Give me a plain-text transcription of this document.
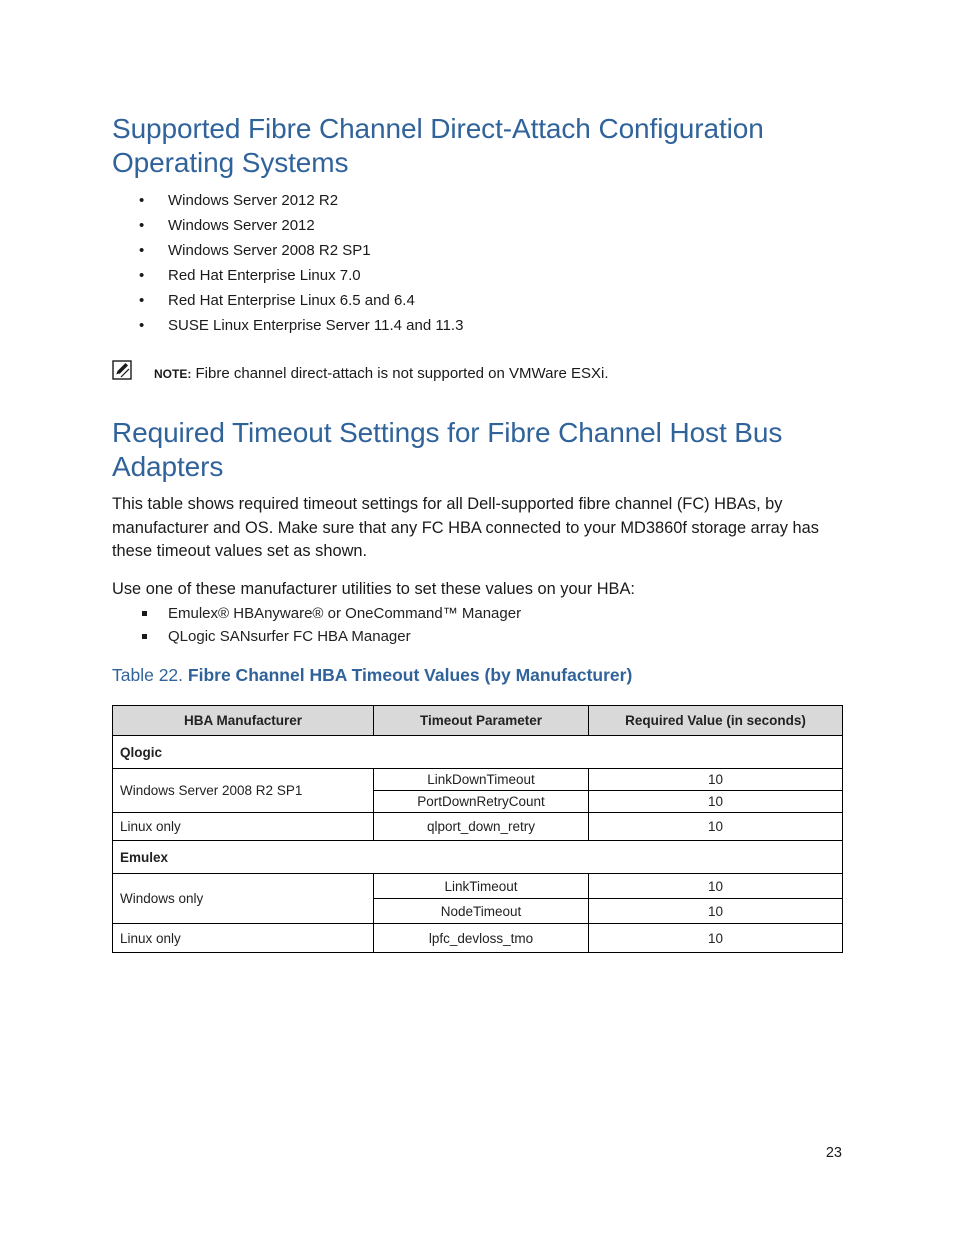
Supported Fibre Channel Direct-Attach Configuration Operating Systems
• Windows Server 2012 R2
• Windows Server 2012
• Windows Server 2008 R2 SP1
• Red Hat Enterprise Linux 7.0
• Red Hat Enterprise Linux 6.5 and 6.4
• SUSE Linux Enterprise Server 11.4 and 11.3
NOTE: Fibre channel direct-attach is not supported on VMWare ESXi.
Required Timeout Settings for Fibre Channel Host Bus Adapters

This table shows required timeout settings for all Dell-supported fibre channel (FC) HBAs, by manufacturer and OS. Make sure that any FC HBA connected to your MD3860f storage array has these timeout values set as shown.

Use one of these manufacturer utilities to set these values on your HBA:

Emulex® HBAnyware® or OneCommand™ Manager
QLogic SANsurfer FC HBA Manager
Table 22. Fibre Channel HBA Timeout Values (by Manufacturer)
HBA Manufacturer	Timeout Parameter	Required Value (in seconds)
Qlogic		
Windows Server 2008 R2 SP1	LinkDownTimeout	10
	PortDownRetryCount	10
Linux only	qlport_down_retry	10
Emulex		
Windows only	LinkTimeout	10
	NodeTimeout	10
Linux only	lpfc_devloss_tmo	10
23
